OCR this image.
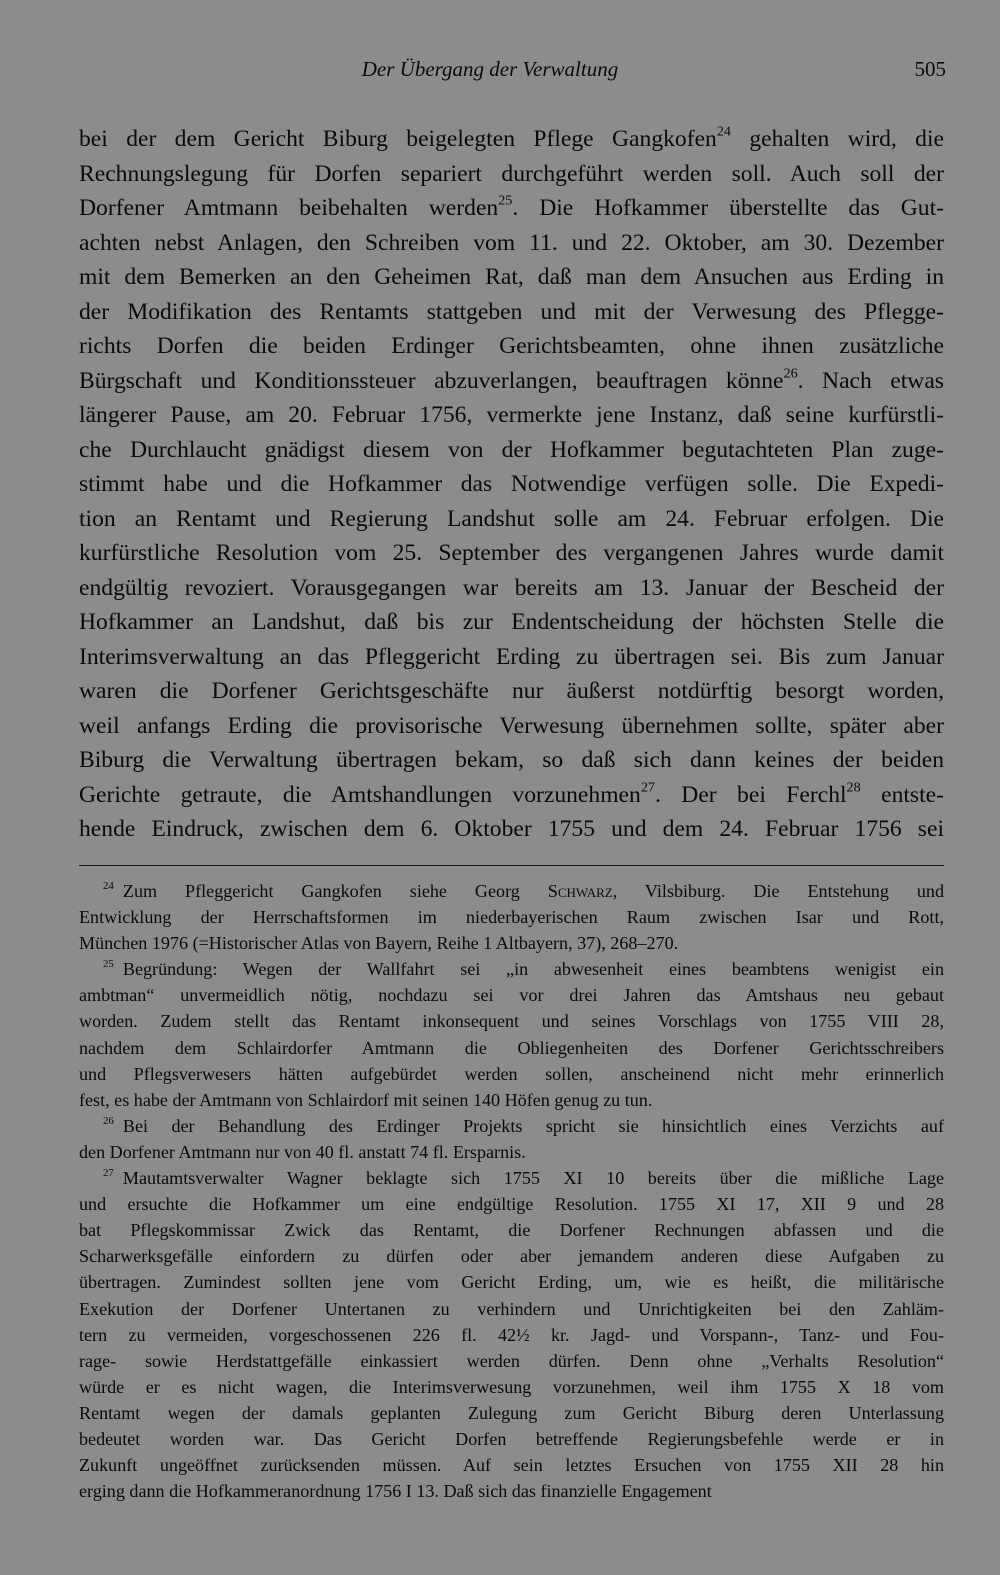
Der Übergang der Verwaltung	505
bei der dem Gericht Biburg beigelegten Pflege Gangkofen$^{24}$ gehalten wird, die
Rechnungslegung für Dorfen separiert durchgeführt werden soll. Auch soll der
Dorfener Amtmann beibehalten werden$^{25}$. Die Hofkammer überstellte das Gut-
achten nebst Anlagen, den Schreiben vom 11. und 22. Oktober, am 30. Dezember
mit dem Bemerken an den Geheimen Rat, daß man dem Ansuchen aus Erding in
der Modifikation des Rentamts stattgeben und mit der Verwesung des Pflegge-
richts Dorfen die beiden Erdinger Gerichtsbeamten, ohne ihnen zusätzliche
Bürgschaft und Konditionssteuer abzuverlangen, beauftragen könne$^{26}$. Nach etwas
längerer Pause, am 20. Februar 1756, vermerkte jene Instanz, daß seine kurfürstli-
che Durchlaucht gnädigst diesem von der Hofkammer begutachteten Plan zuge-
stimmt habe und die Hofkammer das Notwendige verfügen solle. Die Expedi-
tion an Rentamt und Regierung Landshut solle am 24. Februar erfolgen. Die
kurfürstliche Resolution vom 25. September des vergangenen Jahres wurde damit
endgültig revoziert. Vorausgegangen war bereits am 13. Januar der Bescheid der
Hofkammer an Landshut, daß bis zur Endentscheidung der höchsten Stelle die
Interimsverwaltung an das Pfleggericht Erding zu übertragen sei. Bis zum Januar
waren die Dorfener Gerichtsgeschäfte nur äußerst notdürftig besorgt worden,
weil anfangs Erding die provisorische Verwesung übernehmen sollte, später aber
Biburg die Verwaltung übertragen bekam, so daß sich dann keines der beiden
Gerichte getraute, die Amtshandlungen vorzunehmen$^{27}$. Der bei Ferchl$^{28}$ entste-
hende Eindruck, zwischen dem 6. Oktober 1755 und dem 24. Februar 1756 sei
$^{24}$  Zum Pfleggericht Gangkofen siehe Georg Schwarz, Vilsbiburg. Die Entstehung und
Entwicklung der Herrschaftsformen im niederbayerischen Raum zwischen Isar und Rott,
München 1976 (=Historischer Atlas von Bayern, Reihe 1 Altbayern, 37), 268–270.
$^{25}$  Begründung: Wegen der Wallfahrt sei „in abwesenheit eines beambtens wenigist ein
ambtman“ unvermeidlich nötig, nochdazu sei vor drei Jahren das Amtshaus neu gebaut
worden. Zudem stellt das Rentamt inkonsequent und seines Vorschlags von 1755 VIII 28,
nachdem dem Schlairdorfer Amtmann die Obliegenheiten des Dorfener Gerichtsschreibers
und Pflegsverwesers hätten aufgebürdet werden sollen, anscheinend nicht mehr erinnerlich
fest, es habe der Amtmann von Schlairdorf mit seinen 140 Höfen genug zu tun.
$^{26}$  Bei der Behandlung des Erdinger Projekts spricht sie hinsichtlich eines Verzichts auf
den Dorfener Amtmann nur von 40 fl. anstatt 74 fl. Ersparnis.
$^{27}$  Mautamtsverwalter Wagner beklagte sich 1755 XI 10 bereits über die mißliche Lage
und ersuchte die Hofkammer um eine endgültige Resolution. 1755 XI 17, XII 9 und 28
bat Pflegskommissar Zwick das Rentamt, die Dorfener Rechnungen abfassen und die
Scharwerksgefälle einfordern zu dürfen oder aber jemandem anderen diese Aufgaben zu
übertragen. Zumindest sollten jene vom Gericht Erding, um, wie es heißt, die militärische
Exekution der Dorfener Untertanen zu verhindern und Unrichtigkeiten bei den Zahläm-
tern zu vermeiden, vorgeschossenen 226 fl. 42½ kr. Jagd- und Vorspann-, Tanz- und Fou-
rage- sowie Herdstattgefälle einkassiert werden dürfen. Denn ohne „Verhalts Resolution“
würde er es nicht wagen, die Interimsverwesung vorzunehmen, weil ihm 1755 X 18 vom
Rentamt wegen der damals geplanten Zulegung zum Gericht Biburg deren Unterlassung
bedeutet worden war. Das Gericht Dorfen betreffende Regierungsbefehle werde er in
Zukunft ungeöffnet zurücksenden müssen. Auf sein letztes Ersuchen von 1755 XII 28 hin
erging dann die Hofkammeranordnung 1756 I 13. Daß sich das finanzielle Engagement
